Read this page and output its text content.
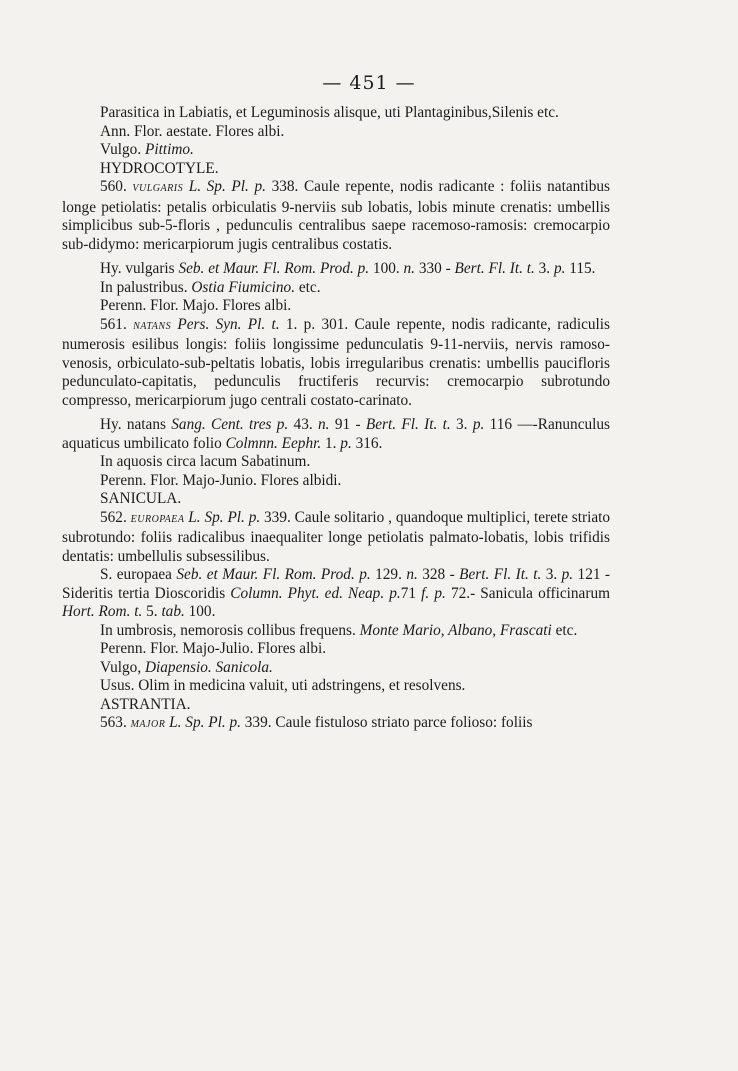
— 451 —

Parasitica in Labiatis, et Leguminosis alisque, uti Plantaginibus,Silenis etc.

Ann. Flor. aestate. Flores albi.

Vulgo. Pittimo.

HYDROCOTYLE.

560. VULGARIS L. Sp. Pl. p. 338. Caule repente, nodis radicante : foliis natantibus longe petiolatis: petalis orbiculatis 9-nerviis sub lobatis, lobis minute crenatis: umbellis simplicibus sub-5-floris , pedunculis centralibus saepe racemoso-ramosis: cremocarpio sub-didymo: mericarpiorum jugis centralibus costatis.

Hy. vulgaris Seb. et Maur. Fl. Rom. Prod. p. 100. n. 330 - Bert. Fl. It. t. 3. p. 115.

In palustribus. Ostia Fiumicino. etc.

Perenn. Flor. Majo. Flores albi.

561. NATANS Pers. Syn. Pl. t. 1. p. 301. Caule repente, nodis radicante, radiculis numerosis esilibus longis: foliis longissime pedunculatis 9-11-nerviis, nervis ramoso-venosis, orbiculato-sub-peltatis lobatis, lobis irregularibus crenatis: umbellis paucifloris pedunculato-capitatis, pedunculis fructiferis recurvis: cremocarpio subrotundo compresso, mericarpiorum jugo centrali costato-carinato.

Hy. natans Sang. Cent. tres p. 43. n. 91 - Bert. Fl. It. t. 3. p. 116 —-Ranunculus aquaticus umbilicato folio Colmnn. Eephr. 1. p. 316.

In aquosis circa lacum Sabatinum.

Perenn. Flor. Majo-Junio. Flores albidi.

SANICULA.

562. EUROPAEA L. Sp. Pl. p. 339. Caule solitario , quandoque multiplici, terete striato subrotundo: foliis radicalibus inaequaliter longe petiolatis palmato-lobatis, lobis trifidis dentatis: umbellulis subsessilibus.

S. europaea Seb. et Maur. Fl. Rom. Prod. p. 129. n. 328 - Bert. Fl. It. t. 3. p. 121 - Sideritis tertia Dioscoridis Column. Phyt. ed. Neap. p.71 f. p. 72.- Sanicula officinarum Hort. Rom. t. 5. tab. 100.

In umbrosis, nemorosis collibus frequens. Monte Mario, Albano, Frascati etc.

Perenn. Flor. Majo-Julio. Flores albi.

Vulgo, Diapensio. Sanicola.

Usus. Olim in medicina valuit, uti adstringens, et resolvens.

ASTRANTIA.

563. MAJOR L. Sp. Pl. p. 339. Caule fistuloso striato parce folioso: foliis
